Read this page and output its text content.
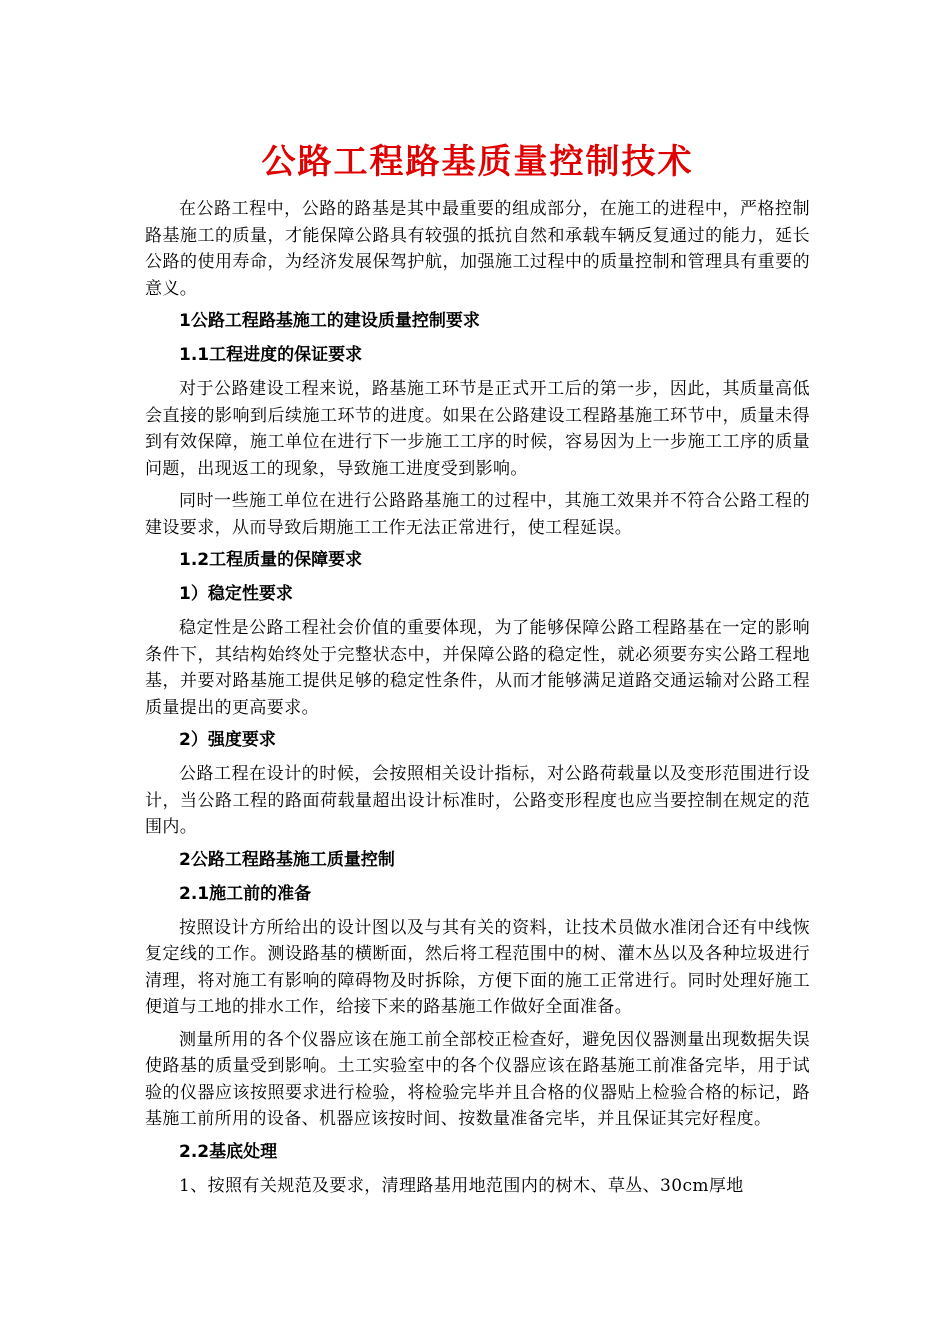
公路工程路基质量控制技术

在公路工程中，公路的路基是其中最重要的组成部分，在施工的进程中，严格控制路基施工的质量，才能保障公路具有较强的抵抗自然和承载车辆反复通过的能力，延长公路的使用寿命，为经济发展保驾护航，加强施工过程中的质量控制和管理具有重要的意义。

1公路工程路基施工的建设质量控制要求

1.1工程进度的保证要求

对于公路建设工程来说，路基施工环节是正式开工后的第一步，因此，其质量高低会直接的影响到后续施工环节的进度。如果在公路建设工程路基施工环节中，质量未得到有效保障，施工单位在进行下一步施工工序的时候，容易因为上一步施工工序的质量问题，出现返工的现象，导致施工进度受到影响。

同时一些施工单位在进行公路路基施工的过程中，其施工效果并不符合公路工程的建设要求，从而导致后期施工工作无法正常进行，使工程延误。

1.2工程质量的保障要求

1）稳定性要求

稳定性是公路工程社会价值的重要体现，为了能够保障公路工程路基在一定的影响条件下，其结构始终处于完整状态中，并保障公路的稳定性，就必须要夯实公路工程地基，并要对路基施工提供足够的稳定性条件，从而才能够满足道路交通运输对公路工程质量提出的更高要求。

2）强度要求

公路工程在设计的时候，会按照相关设计指标，对公路荷载量以及变形范围进行设计，当公路工程的路面荷载量超出设计标准时，公路变形程度也应当要控制在规定的范围内。

2公路工程路基施工质量控制

2.1施工前的准备

按照设计方所给出的设计图以及与其有关的资料，让技术员做水准闭合还有中线恢复定线的工作。测设路基的横断面，然后将工程范围中的树、灌木丛以及各种垃圾进行清理，将对施工有影响的障碍物及时拆除，方便下面的施工正常进行。同时处理好施工便道与工地的排水工作，给接下来的路基施工作做好全面准备。

测量所用的各个仪器应该在施工前全部校正检查好，避免因仪器测量出现数据失误使路基的质量受到影响。土工实验室中的各个仪器应该在路基施工前准备完毕，用于试验的仪器应该按照要求进行检验，将检验完毕并且合格的仪器贴上检验合格的标记，路基施工前所用的设备、机器应该按时间、按数量准备完毕，并且保证其完好程度。

2.2基底处理

1、按照有关规范及要求，清理路基用地范围内的树木、草丛、30cm厚地
